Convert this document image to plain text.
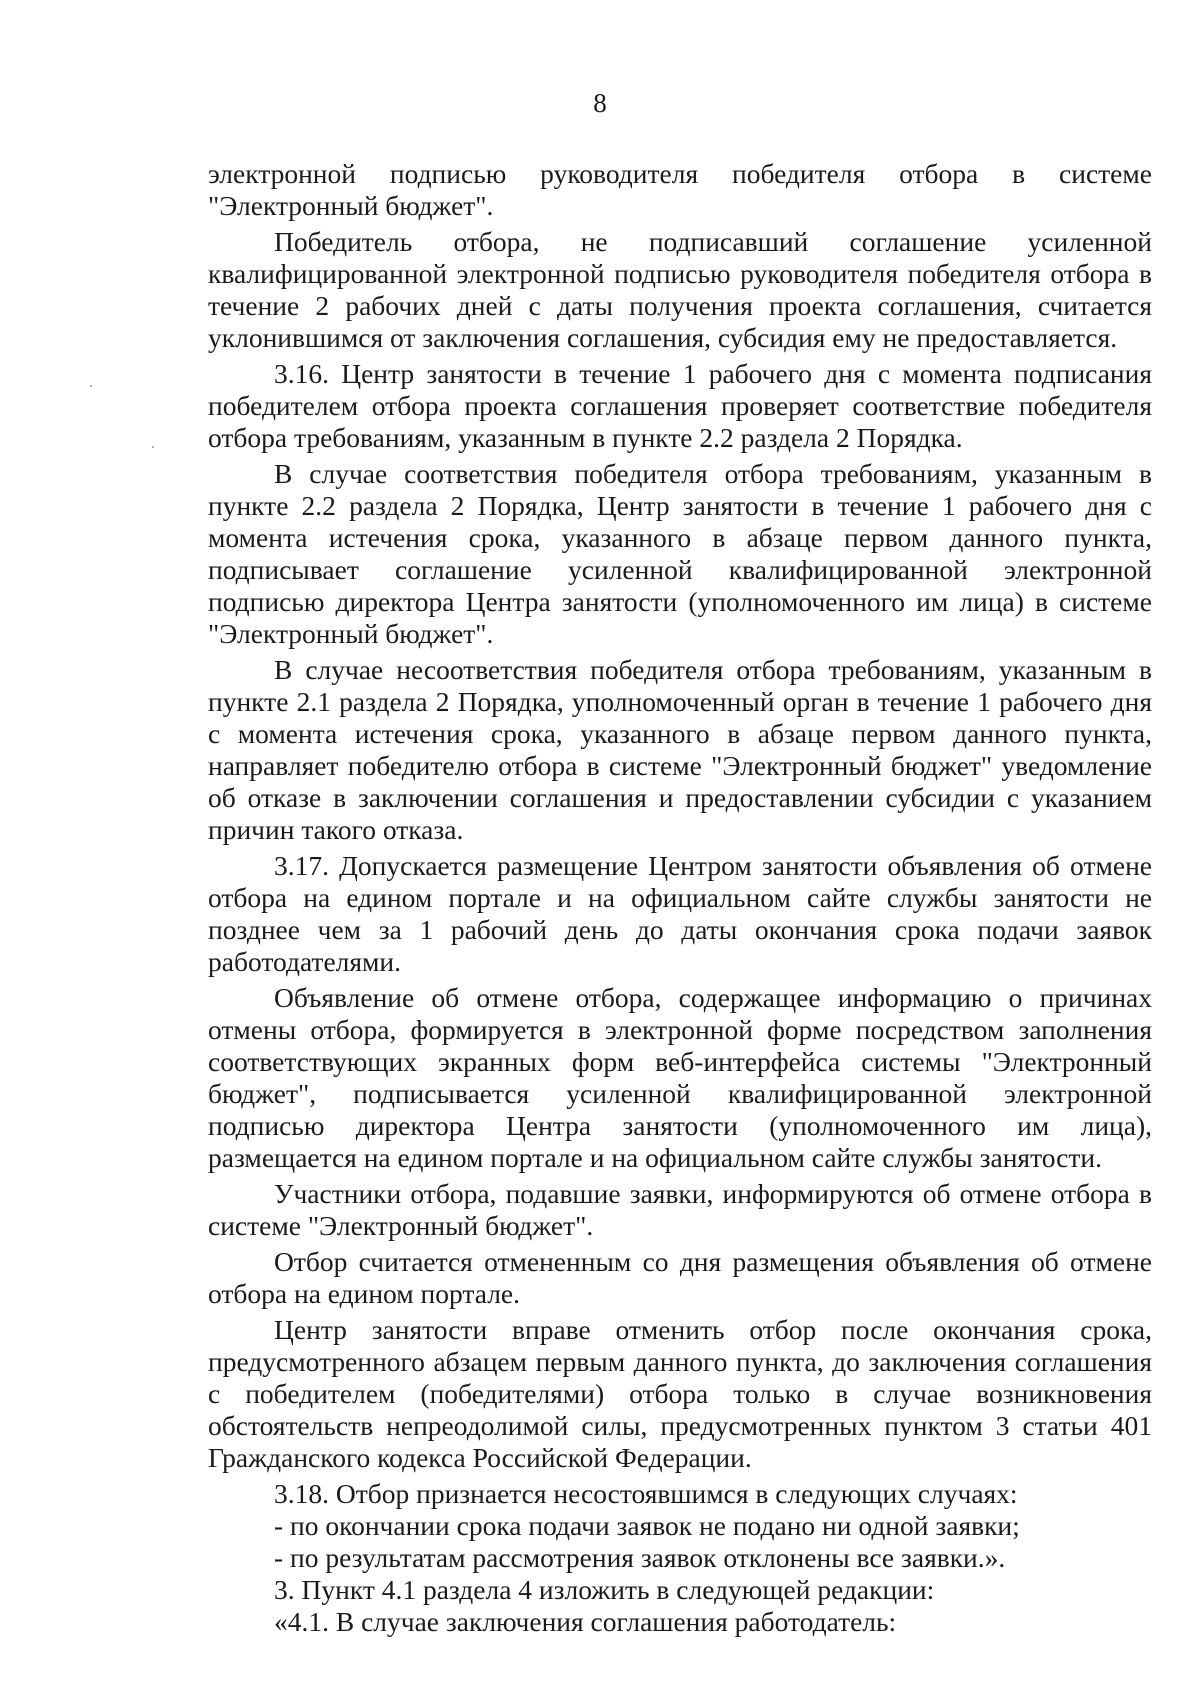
8

электронной подписью руководителя победителя отбора в системе "Электронный бюджет".

Победитель отбора, не подписавший соглашение усиленной квалифицированной электронной подписью руководителя победителя отбора в течение 2 рабочих дней с даты получения проекта соглашения, считается уклонившимся от заключения соглашения, субсидия ему не предоставляется.

3.16. Центр занятости в течение 1 рабочего дня с момента подписания победителем отбора проекта соглашения проверяет соответствие победителя отбора требованиям, указанным в пункте 2.2 раздела 2 Порядка.

В случае соответствия победителя отбора требованиям, указанным в пункте 2.2 раздела 2 Порядка, Центр занятости в течение 1 рабочего дня с момента истечения срока, указанного в абзаце первом данного пункта, подписывает соглашение усиленной квалифицированной электронной подписью директора Центра занятости (уполномоченного им лица) в системе "Электронный бюджет".

В случае несоответствия победителя отбора требованиям, указанным в пункте 2.1 раздела 2 Порядка, уполномоченный орган в течение 1 рабочего дня с момента истечения срока, указанного в абзаце первом данного пункта, направляет победителю отбора в системе "Электронный бюджет" уведомление об отказе в заключении соглашения и предоставлении субсидии с указанием причин такого отказа.

3.17. Допускается размещение Центром занятости объявления об отмене отбора на едином портале и на официальном сайте службы занятости не позднее чем за 1 рабочий день до даты окончания срока подачи заявок работодателями.

Объявление об отмене отбора, содержащее информацию о причинах отмены отбора, формируется в электронной форме посредством заполнения соответствующих экранных форм веб-интерфейса системы "Электронный бюджет", подписывается усиленной квалифицированной электронной подписью директора Центра занятости (уполномоченного им лица), размещается на едином портале и на официальном сайте службы занятости.

Участники отбора, подавшие заявки, информируются об отмене отбора в системе "Электронный бюджет".

Отбор считается отмененным со дня размещения объявления об отмене отбора на едином портале.

Центр занятости вправе отменить отбор после окончания срока, предусмотренного абзацем первым данного пункта, до заключения соглашения с победителем (победителями) отбора только в случае возникновения обстоятельств непреодолимой силы, предусмотренных пунктом 3 статьи 401 Гражданского кодекса Российской Федерации.

3.18. Отбор признается несостоявшимся в следующих случаях:

- по окончании срока подачи заявок не подано ни одной заявки;

- по результатам рассмотрения заявок отклонены все заявки.».

3. Пункт 4.1 раздела 4 изложить в следующей редакции:

«4.1. В случае заключения соглашения работодатель:
